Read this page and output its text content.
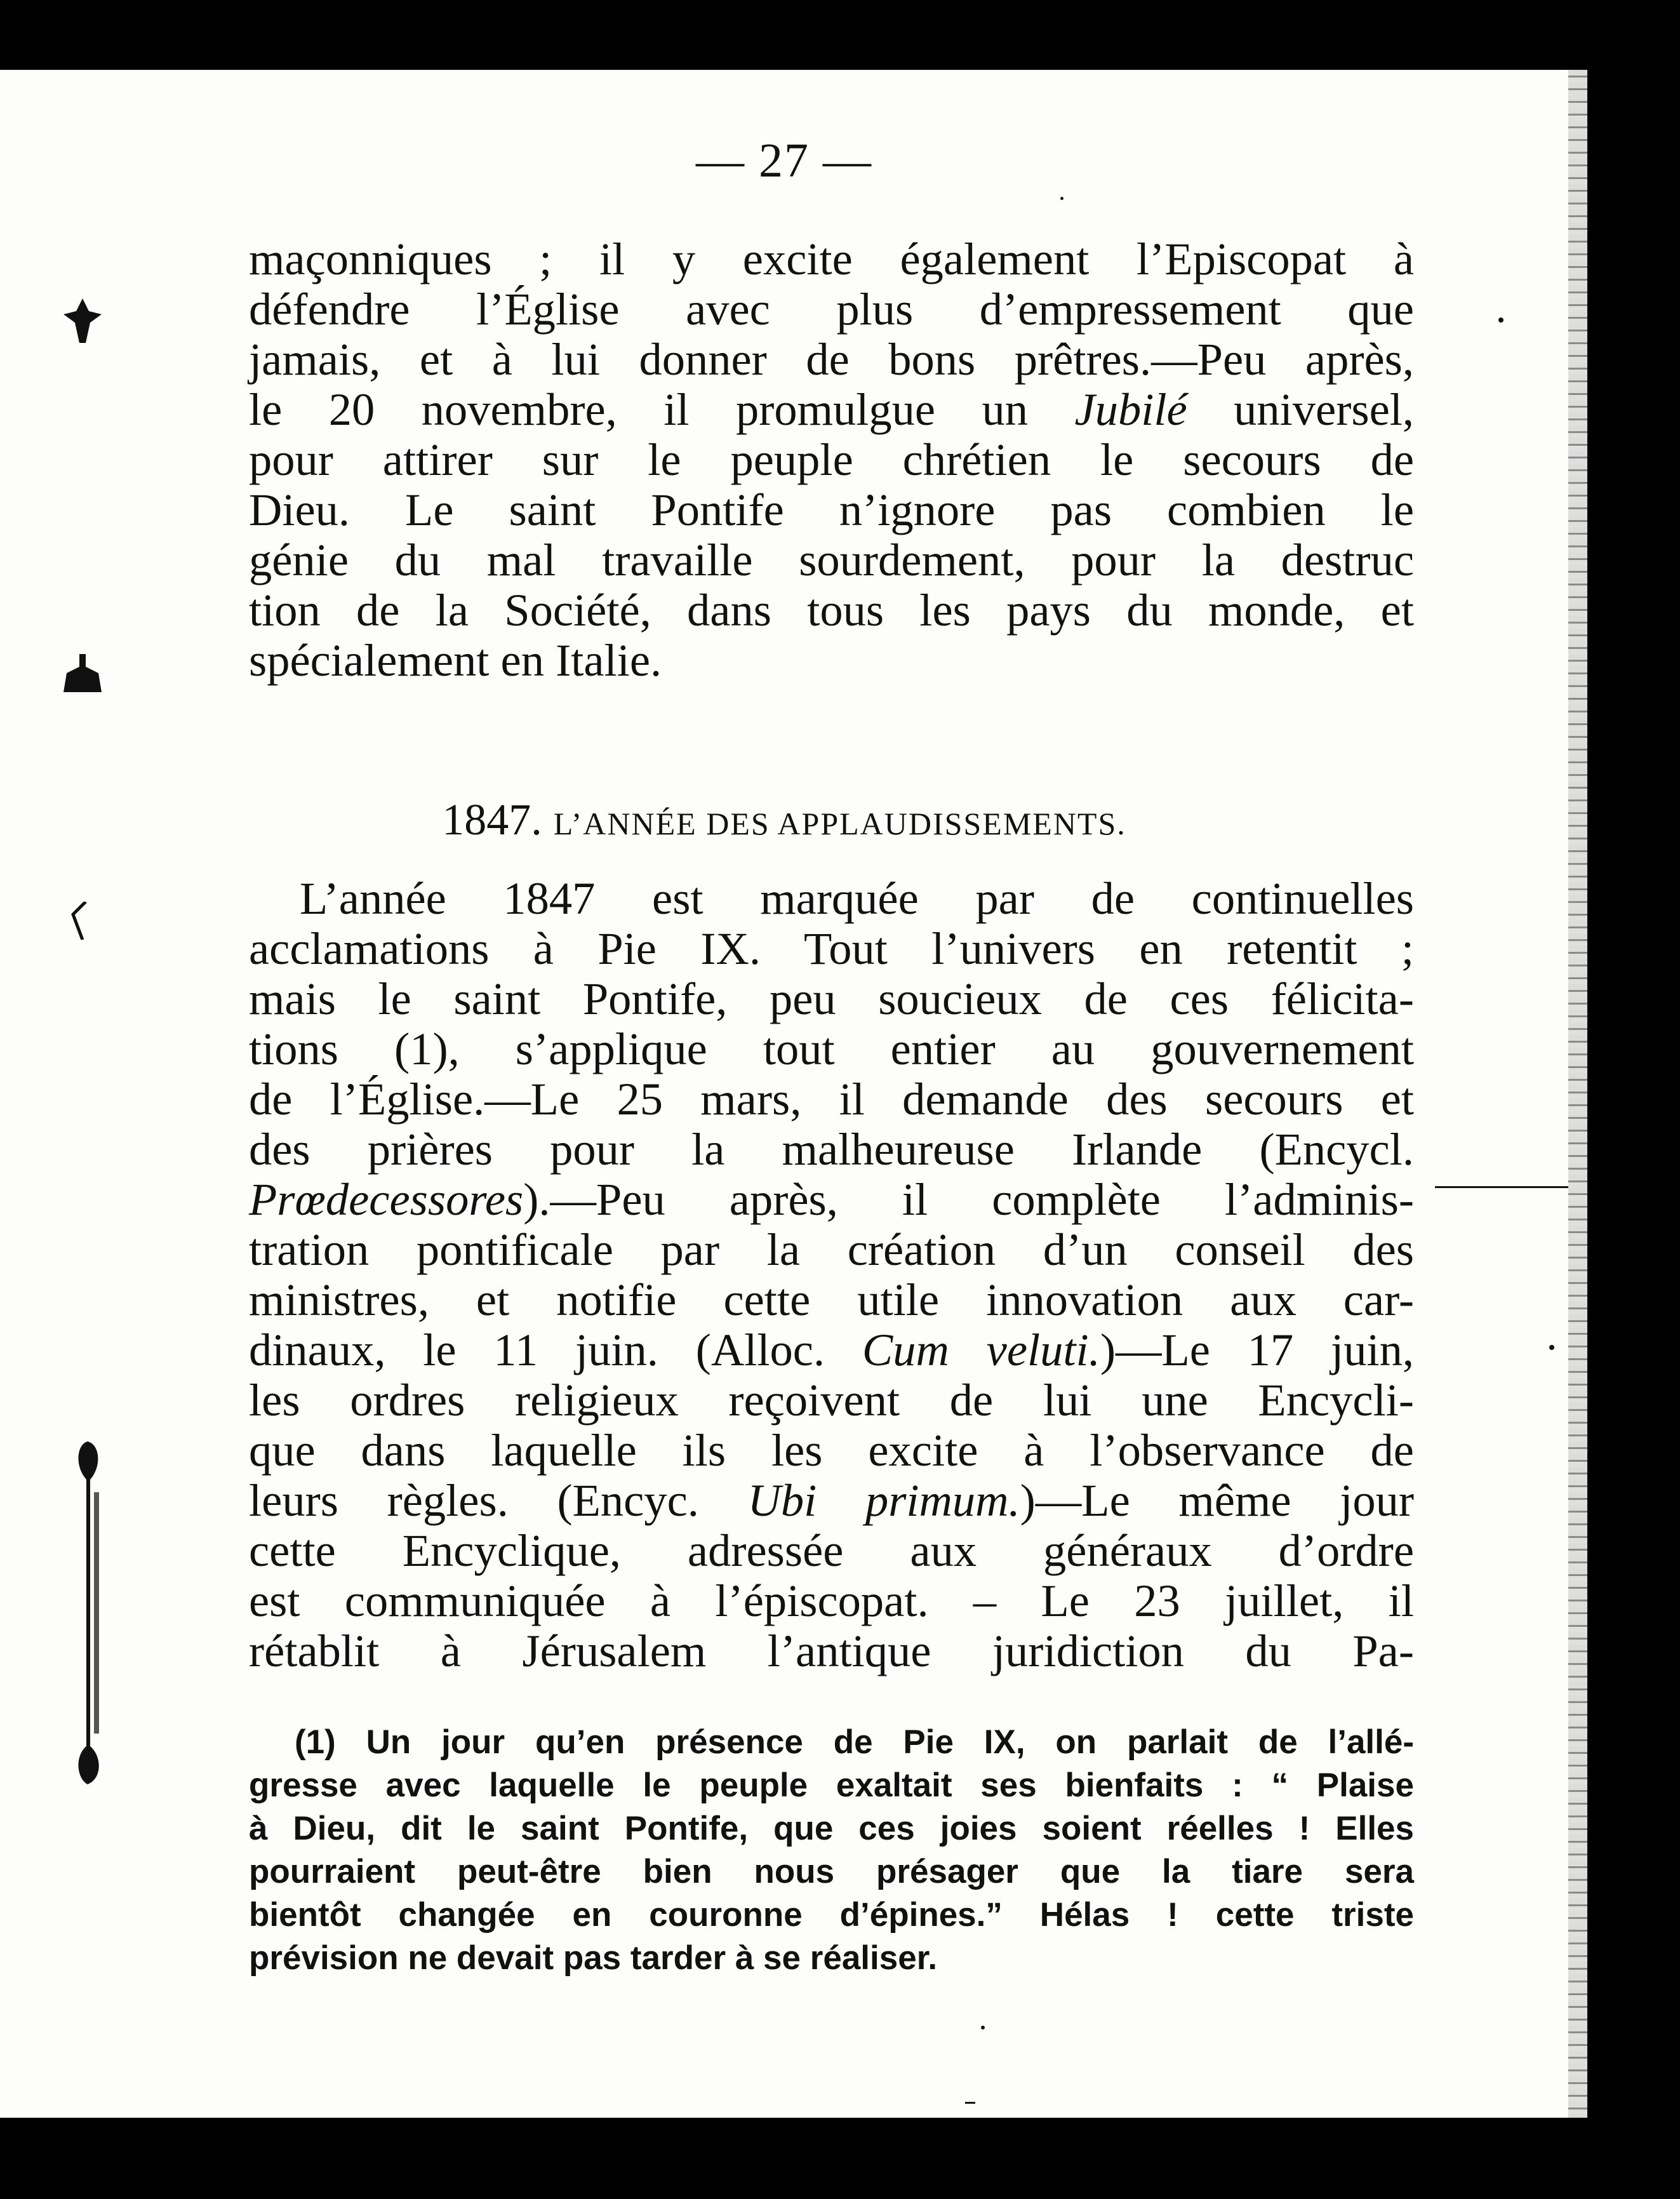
— 27 —
maçonniques ; il y excite également l’Episcopat à
défendre l’Église avec plus d’empressement que
jamais, et à lui donner de bons prêtres.—Peu après,
le 20 novembre, il promulgue un Jubilé universel,
pour attirer sur le peuple chrétien le secours de
Dieu. Le saint Pontife n’ignore pas combien le
génie du mal travaille sourdement, pour la destruc
tion de la Société, dans tous les pays du monde, et
spécialement en Italie.
1847. L’ANNÉE DES APPLAUDISSEMENTS.
L’année 1847 est marquée par de continuelles
acclamations à Pie IX. Tout l’univers en retentit ;
mais le saint Pontife, peu soucieux de ces félicita-
tions (1), s’applique tout entier au gouvernement
de l’Église.—Le 25 mars, il demande des secours et
des prières pour la malheureuse Irlande (Encycl.
Prœdecessores).—Peu après, il complète l’adminis-
tration pontificale par la création d’un conseil des
ministres, et notifie cette utile innovation aux car-
dinaux, le 11 juin. (Alloc. Cum veluti.)—Le 17 juin,
les ordres religieux reçoivent de lui une Encycli-
que dans laquelle ils les excite à l’observance de
leurs règles. (Encyc. Ubi primum.)—Le même jour
cette Encyclique, adressée aux généraux d’ordre
est communiquée à l’épiscopat. – Le 23 juillet, il
rétablit à Jérusalem l’antique juridiction du Pa-
(1) Un jour qu’en présence de Pie IX, on parlait de l’allé-
gresse avec laquelle le peuple exaltait ses bienfaits : “ Plaise
à Dieu, dit le saint Pontife, que ces joies soient réelles ! Elles
pourraient peut-être bien nous présager que la tiare sera
bientôt changée en couronne d’épines.” Hélas ! cette triste
prévision ne devait pas tarder à se réaliser.
